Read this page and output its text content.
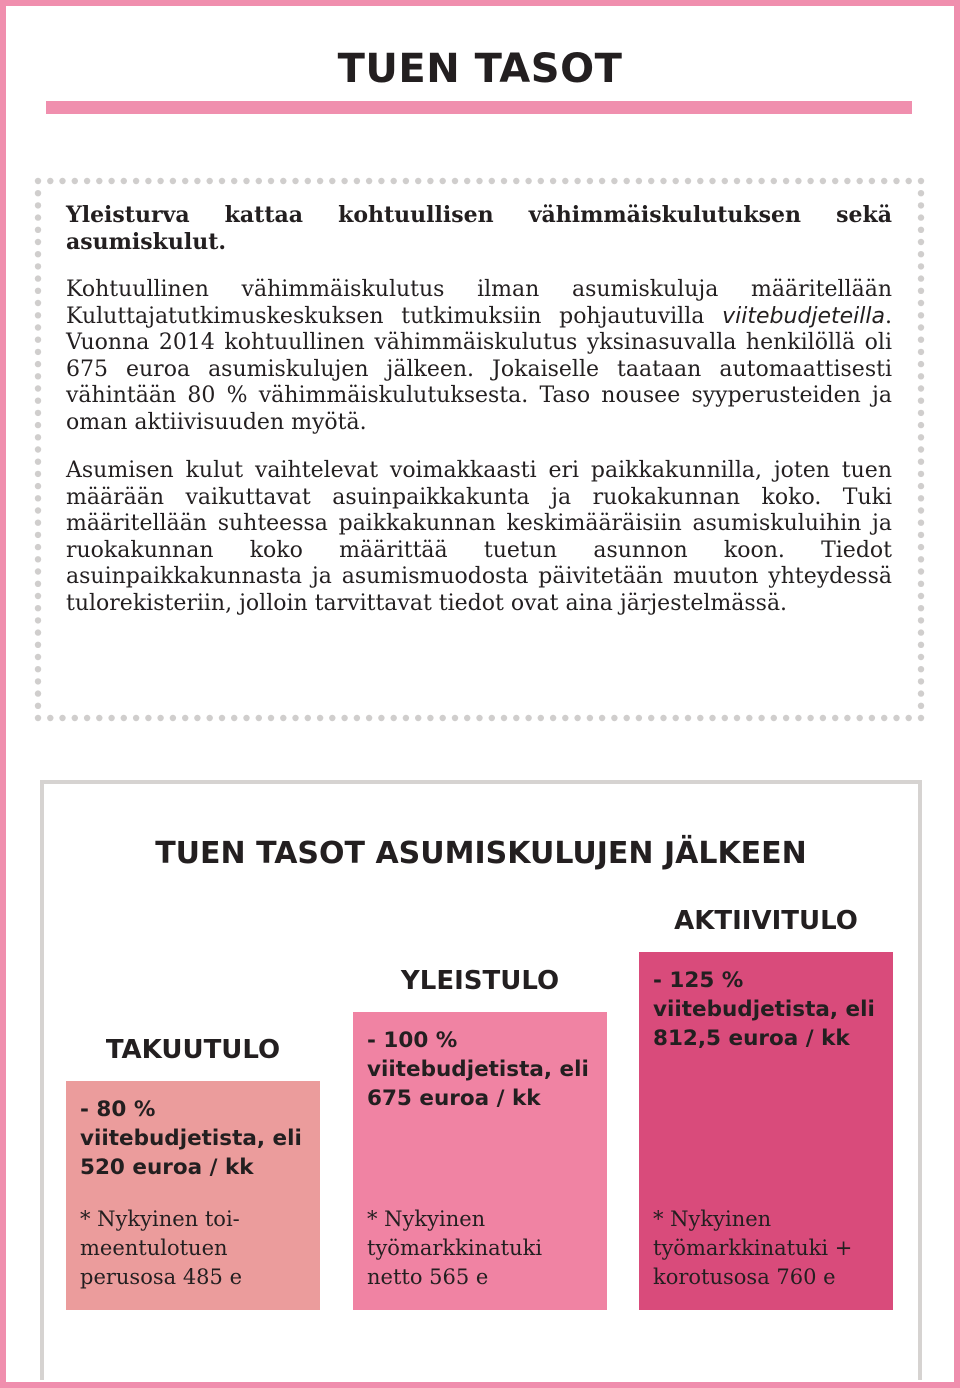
TUEN TASOT

Yleisturva kattaa kohtuullisen vähimmäiskulutuksen sekä asumiskulut.

Kohtuullinen vähimmäiskulutus ilman asumiskuluja määritellään Kuluttajatutkimuskeskuksen tutkimuksiin pohjautuvilla viitebudjeteilla. Vuonna 2014 kohtuullinen vähimmäiskulutus yksinasuvalla henkilöllä oli 675 euroa asumiskulujen jälkeen. Jokaiselle taataan automaattisesti vähintään 80 % vähimmäiskulutuksesta. Taso nousee syyperusteiden ja oman aktiivisuuden myötä.

Asumisen kulut vaihtelevat voimakkaasti eri paikkakunnilla, joten tuen määrään vaikuttavat asuinpaikkakunta ja ruokakunnan koko. Tuki määritellään suhteessa paikkakunnan keskimääräisiin asumiskuluihin ja ruokakunnan koko määrittää tuetun asunnon koon. Tiedot asuinpaikkakunnasta ja asumismuodosta päivitetään muuton yhteydessä tulorekisteriin, jolloin tarvittavat tiedot ovat aina järjestelmässä.

TUEN TASOT ASUMISKULUJEN JÄLKEEN
TAKUUTULO
- 80 % viitebudjetista, eli 520 euroa / kk
* Nykyinen toimeentulotuen perusosa 485 e
YLEISTULO
- 100 % viitebudjetista, eli 675 euroa / kk
* Nykyinen työmarkkinatuki netto 565 e
AKTIIVITULO
- 125 % viitebudjetista, eli 812,5 euroa / kk
* Nykyinen työmarkkinatuki + korotusosa 760 e
